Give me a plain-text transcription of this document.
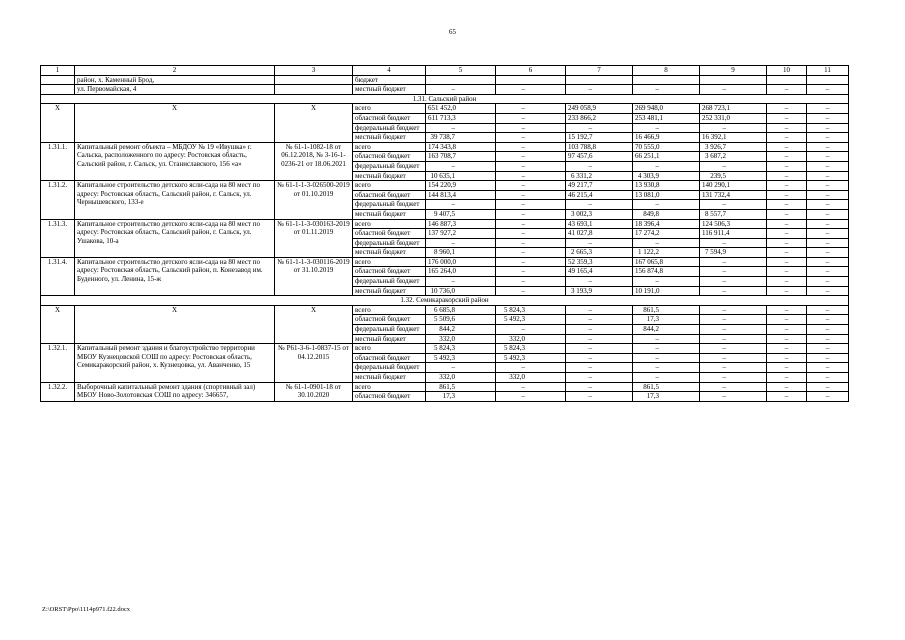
65
1	2	3	4	5	6	7	8	9	10	11
	район, х. Каменный Брод,		бюджет							
	ул. Первомайская, 4		местный бюджет	–	–	–	–	–	–	–
1.31. Сальский район										
X	X	X	всего	651 452,0	–	249 058,9	269 948,0	268 723,1	–	–
			областной бюджет	611 713,3	–	233 866,2	253 481,1	252 331,0	–	–
			федеральный бюджет	–	–	–	–	–	–	–
			местный бюджет	39 738,7	–	15 192,7	16 466,9	16 392,1	–	–
1.31.1.	Капитальный ремонт объекта – МБДОУ № 19 «Ивушка» г. Сальска, расположенного по адресу: Ростовская область, Сальский район, г. Сальск, ул. Станиславского, 156 «а»	№ 61-1-1082-18 от 06.12.2018, № 3-16-1-0236-21 от 18.06.2021	всего	174 343,8	–	103 788,8	70 555,0	3 926,7	–	–
			областной бюджет	163 708,7	–	97 457,6	66 251,1	3 687,2	–	–
			федеральный бюджет	–	–	–	–	–	–	–
			местный бюджет	10 635,1	–	6 331,2	4 303,9	239,5	–	–
1.31.2.	Капитальное строительство детского ясли-сада на 80 мест по адресу: Ростовская область, Сальский район, г. Сальск, ул. Чернышевского, 133-е	№ 61-1-1-3-026500-2019 от 01.10.2019	всего	154 220,9	–	49 217,7	13 930,8	140 290,1	–	–
			областной бюджет	144 813,4	–	46 215,4	13 081,0	131 732,4	–	–
			федеральный бюджет	–	–	–	–	–	–	–
			местный бюджет	9 407,5	–	3 002,3	849,8	8 557,7	–	–
1.31.3.	Капитальное строительство детского ясли-сада на 80 мест по адресу: Ростовская область, Сальский район, г. Сальск, ул. Ушакова, 10-а	№ 61-1-1-3-030163-2019 от 01.11.2019	всего	146 887,3	–	43 693,1	18 396,4	124 506,3	–	–
			областной бюджет	137 927,2	–	41 027,8	17 274,2	116 911,4	–	–
			федеральный бюджет	–	–	–	–	–	–	–
			местный бюджет	8 960,1	–	2 665,3	1 122,2	7 594,9	–	–
1.31.4.	Капитальное строительство детского ясли-сада на 80 мест по адресу: Ростовская область, Сальский район, п. Конезавод им. Буденного, ул. Ленина, 15-ж	№ 61-1-1-3-030116-2019 от 31.10.2019	всего	176 000,0	–	52 359,3	167 065,8	–	–	–
			областной бюджет	165 264,0	–	49 165,4	156 874,8	–	–	–
			федеральный бюджет	–	–	–	–	–	–	–
			местный бюджет	10 736,0	–	3 193,9	10 191,0	–	–	–
1.32. Семикаракорский район										
X	X	X	всего	6 685,8	5 824,3	–	861,5	–	–	–
			областной бюджет	5 509,6	5 492,3	–	17,3	–	–	–
			федеральный бюджет	844,2	–	–	844,2	–	–	–
			местный бюджет	332,0	332,0	–	–	–	–	–
1.32.1.	Капитальный ремонт здания и благоустройство территории МБОУ Кузнецовской СОШ по адресу: Ростовская область, Семикаракорский район, х. Кузнецовка, ул. Аванченко, 15	№ Р61-3-6-1-0837-15 от 04.12.2015	всего	5 824,3	5 824,3	–	–	–	–	–
			областной бюджет	5 492,3	5 492,3	–	–	–	–	–
			федеральный бюджет	–	–	–	–	–	–	–
			местный бюджет	332,0	332,0	–	–	–	–	–
1.32.2.	Выборочный капитальный ремонт здания (спортивный зал) МБОУ Ново-Золотовская СОШ по адресу: 346657,	№ 61-1-0901-18 от 30.10.2020	всего	861,5	–	–	861,5	–	–	–
			областной бюджет	17,3	–	–	17,3	–	–	–
Z:\ORST\Ppo\1114p971.f22.docx
